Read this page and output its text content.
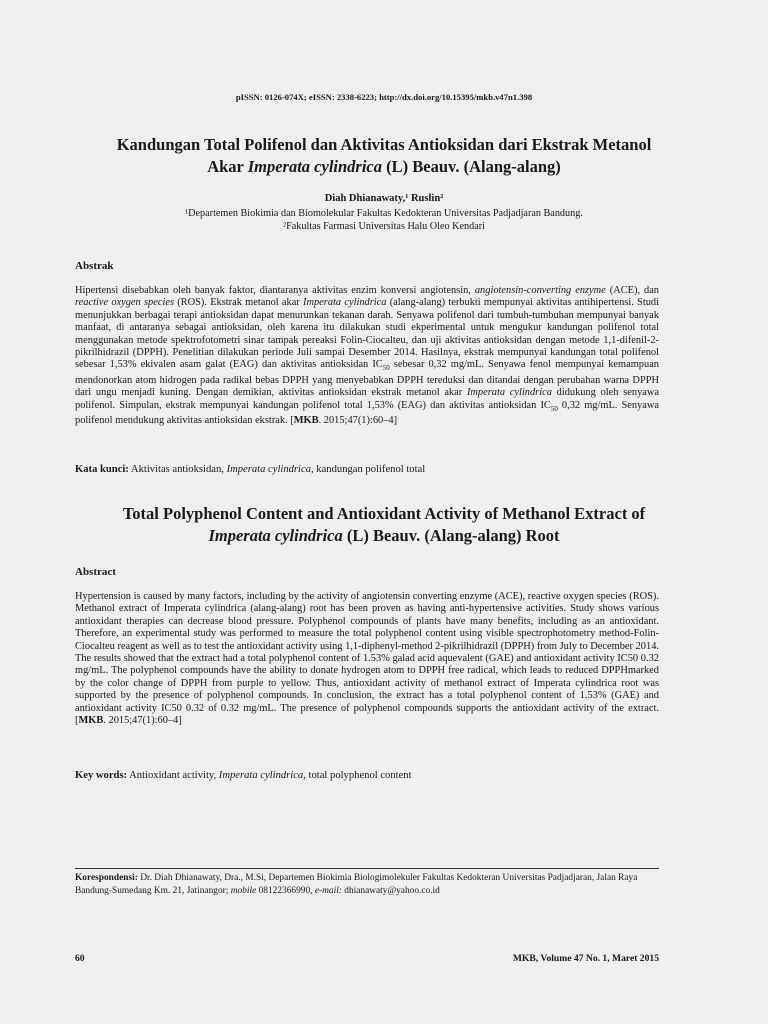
pISSN: 0126-074X; eISSN: 2338-6223; http://dx.doi.org/10.15395/mkb.v47n1.398
Kandungan Total Polifenol dan Aktivitas Antioksidan dari Ekstrak Metanol
Akar Imperata cylindrica (L) Beauv. (Alang-alang)
Diah Dhianawaty,¹ Ruslin²
¹Departemen Biokimia dan Biomolekular Fakultas Kedokteran Universitas Padjadjaran Bandung.
²Fakultas Farmasi Universitas Halu Oleo Kendari
Abstrak
Hipertensi disebabkan oleh banyak faktor, diantaranya aktivitas enzim konversi angiotensin, angiotensin-converting enzyme (ACE), dan reactive oxygen species (ROS). Ekstrak metanol akar Imperata cylindrica (alang-alang) terbukti mempunyai aktivitas antihipertensi. Studi menunjukkan berbagai terapi antioksidan dapat menurunkan tekanan darah. Senyawa polifenol dari tumbuh-tumbuhan mempunyai banyak manfaat, di antaranya sebagai antioksidan, oleh karena itu dilakukan studi ekperimental untuk mengukur kandungan polifenol total menggunakan metode spektrofotometri sinar tampak pereaksi Folin-Ciocalteu, dan uji aktivitas antioksidan dengan metode 1,1-difenil-2-pikrilhidrazil (DPPH). Penelitian dilakukan periode Juli sampai Desember 2014. Hasilnya, ekstrak mempunyai kandungan total polifenol sebesar 1,53% ekivalen asam galat (EAG) dan aktivitas antioksidan $IC_{50}$ sebesar 0,32 mg/mL. Senyawa fenol mempunyai kemampuan mendonorkan atom hidrogen pada radikal bebas DPPH yang menyebabkan DPPH tereduksi dan ditandai dengan perubahan warna DPPH dari ungu menjadi kuning. Dengan demikian, aktivitas antioksidan ekstrak metanol akar Imperata cylindrica didukung oleh senyawa polifenol. Simpulan, ekstrak mempunyai kandungan polifenol total 1,53% (EAG) dan aktivitas antioksidan $IC_{50}$ 0,32 mg/mL. Senyawa polifenol mendukung aktivitas antioksidan ekstrak. [MKB. 2015;47(1):60–4]
Kata kunci: Aktivitas antioksidan, Imperata cylindrica, kandungan polifenol total
Total Polyphenol Content and Antioxidant Activity of Methanol Extract of
Imperata cylindrica (L) Beauv. (Alang-alang) Root
Abstract
Hypertension is caused by many factors, including by the activity of angiotensin converting enzyme (ACE), reactive oxygen species (ROS). Methanol extract of Imperata cylindrica (alang-alang) root has been proven as having anti-hypertensive activities. Study shows various antioxidant therapies can decrease blood pressure. Polyphenol compounds of plants have many benefits, including as an antioxidant. Therefore, an experimental study was performed to measure the total polyphenol content using visible spectrophotometry method-Folin-Ciocalteu reagent as well as to test the antioxidant activity using 1,1-diphenyl-method 2-pikrilhidrazil (DPPH) from July to December 2014. The results showed that the extract had a total polyphenol content of 1.53% galad acid aquevalent (GAE) and antioxidant activity IC50 0.32 mg/mL. The polyphenol compounds have the ability to donate hydrogen atom to DPPH free radical, which leads to reduced DPPHmarked by the color change of DPPH from purple to yellow. Thus, antioxidant activity of methanol extract of Imperata cylindrica root was supported by the presence of polyphenol compounds. In conclusion, the extract has a total polyphenol content of 1.53% (GAE) and antioxidant activity IC50 0.32 of 0.32 mg/mL. The presence of polyphenol compounds supports the antioxidant activity of the extract. [MKB. 2015;47(1):60–4]
Key words: Antioxidant activity, Imperata cylindrica, total polyphenol content
Korespondensi: Dr. Diah Dhianawaty, Dra., M.Si, Departemen Biokimia Biologimolekuler Fakultas Kedokteran Universitas Padjadjaran, Jalan Raya Bandung-Sumedang Km. 21, Jatinangor; mobile 08122366990, e-mail: dhianawaty@yahoo.co.id
60	MKB, Volume 47 No. 1, Maret 2015
